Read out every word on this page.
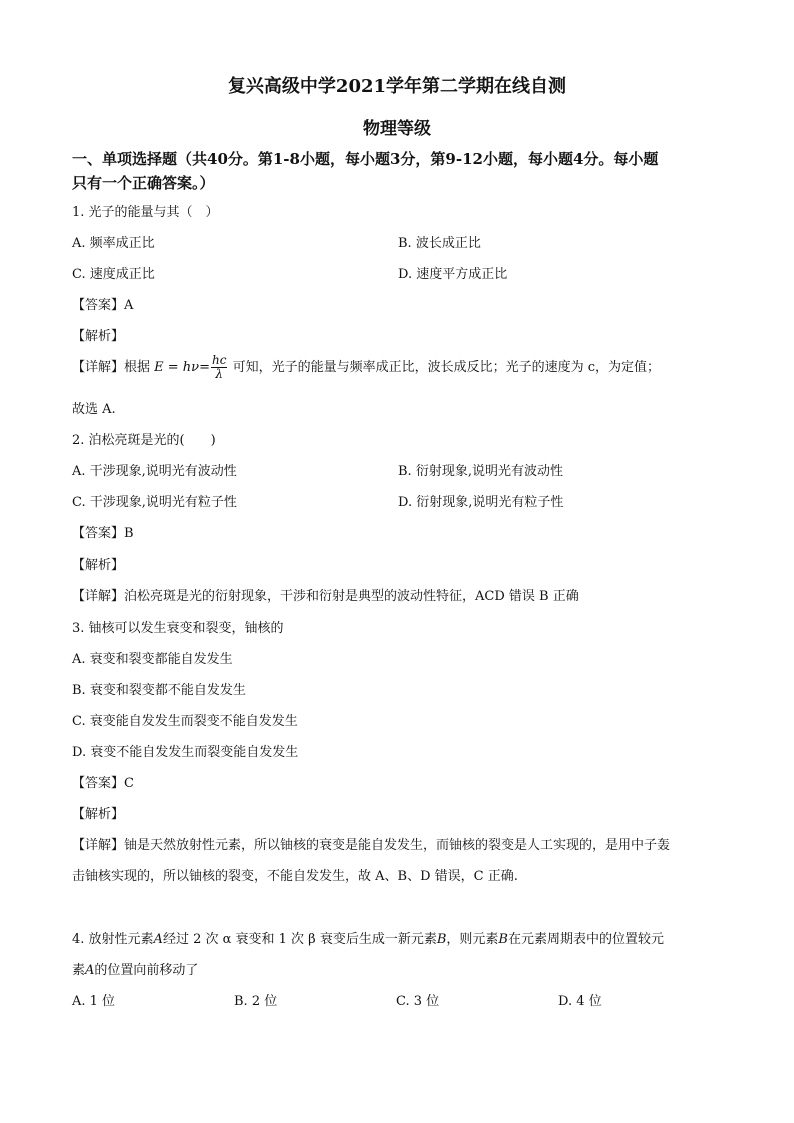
复兴高级中学2021学年第二学期在线自测
物理等级
一、单项选择题（共40分。第1-8小题，每小题3分，第9-12小题，每小题4分。每小题
只有一个正确答案。）
1. 光子的能量与其（　）
A. 频率成正比	B. 波长成正比
C. 速度成正比	D. 速度平方成正比
【答案】A
【解析】
【详解】根据 $E = h\nu= \frac{hc}{\lambda}$ 可知，光子的能量与频率成正比，波长成反比；光子的速度为 c，为定值；
故选 A.
2. 泊松亮斑是光的(　　)
A. 干涉现象,说明光有波动性	B. 衍射现象,说明光有波动性
C. 干涉现象,说明光有粒子性	D. 衍射现象,说明光有粒子性
【答案】B
【解析】
【详解】泊松亮斑是光的衍射现象，干涉和衍射是典型的波动性特征，ACD 错误 B 正确
3. 铀核可以发生衰变和裂变，铀核的
A. 衰变和裂变都能自发发生
B. 衰变和裂变都不能自发发生
C. 衰变能自发发生而裂变不能自发发生
D. 衰变不能自发发生而裂变能自发发生
【答案】C
【解析】
【详解】铀是天然放射性元素，所以铀核的衰变是能自发发生，而铀核的裂变是人工实现的，是用中子轰
击铀核实现的，所以铀核的裂变，不能自发发生，故 A、B、D 错误，C 正确.
4. 放射性元素A经过 2 次 α 衰变和 1 次 β 衰变后生成一新元素B，则元素B在元素周期表中的位置较元
素A的位置向前移动了
A. 1 位	B. 2 位	C. 3 位	D. 4 位
